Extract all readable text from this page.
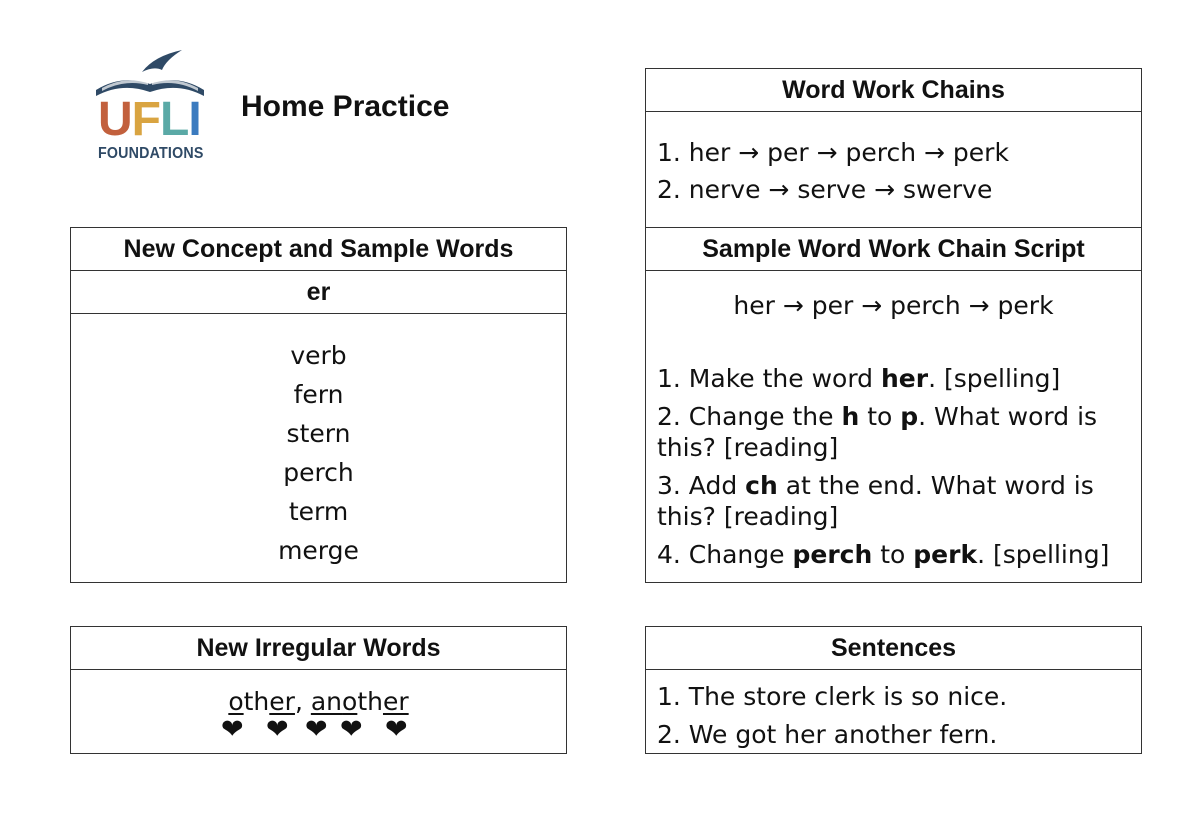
UFLI
FOUNDATIONS
Home Practice
Word Work Chains
1. her → per → perch → perk
2. nerve → serve → swerve
New Concept and Sample Words
er
verb
fern
stern
perch
term
merge
Sample Word Work Chain Script
her → per → perch → perk
1. Make the word her. [spelling]
2. Change the h to p. What word is this? [reading]
3. Add ch at the end. What word is this? [reading]
4. Change perch to perk. [spelling]
New Irregular Words
other, another
❤ ❤ ❤ ❤ ❤
Sentences
1. The store clerk is so nice.
2. We got her another fern.
